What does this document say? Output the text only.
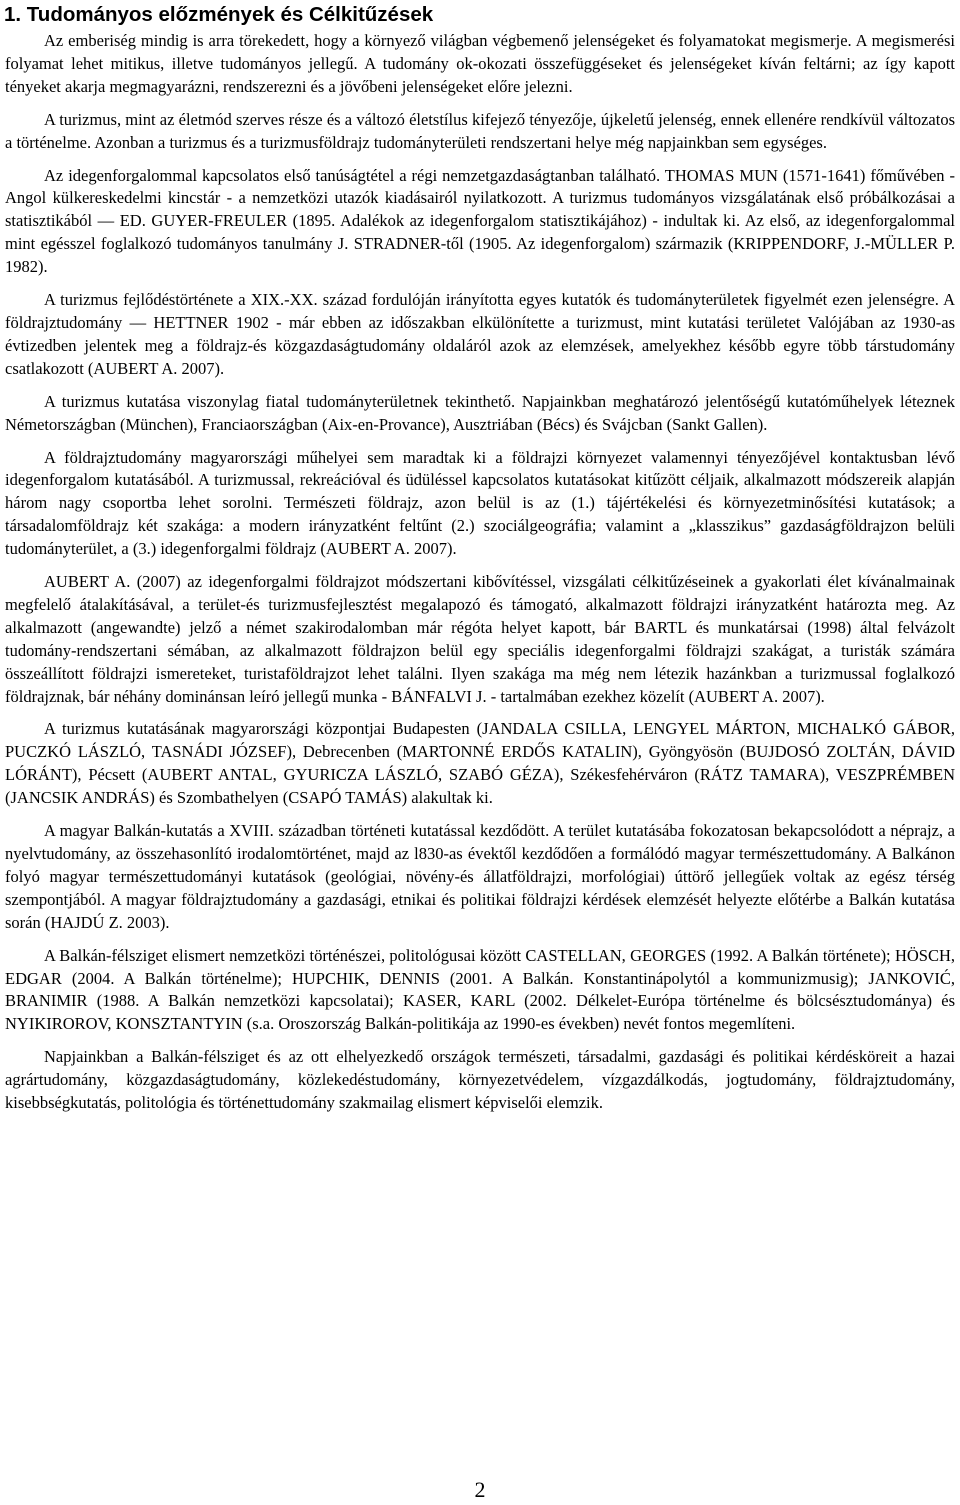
1. Tudományos előzmények és Célkitűzések

Az emberiség mindig is arra törekedett, hogy a környező világban végbemenő jelenségeket és folyamatokat megismerje. A megismerési folyamat lehet mitikus, illetve tudományos jellegű. A tudomány ok-okozati összefüggéseket és jelenségeket kíván feltárni; az így kapott tényeket akarja megmagyarázni, rendszerezni és a jövőbeni jelenségeket előre jelezni.

A turizmus, mint az életmód szerves része és a változó életstílus kifejező tényezője, újkeletű jelenség, ennek ellenére rendkívül változatos a történelme. Azonban a turizmus és a turizmusföldrajz tudományterületi rendszertani helye még napjainkban sem egységes.

Az idegenforgalommal kapcsolatos első tanúságtétel a régi nemzetgazdaságtanban található. THOMAS MUN (1571-1641) főművében - Angol külkereskedelmi kincstár - a nemzetközi utazók kiadásairól nyilatkozott. A turizmus tudományos vizsgálatának első próbálkozásai a statisztikából — ED. GUYER-FREULER (1895. Adalékok az idegenforgalom statisztikájához) - indultak ki. Az első, az idegenforgalommal mint egésszel foglalkozó tudományos tanulmány J. STRADNER-től (1905. Az idegenforgalom) származik (KRIPPENDORF, J.-MÜLLER P. 1982).

A turizmus fejlődéstörténete a XIX.-XX. század fordulóján irányította egyes kutatók és tudományterületek figyelmét ezen jelenségre. A földrajztudomány — HETTNER 1902 - már ebben az időszakban elkülönítette a turizmust, mint kutatási területet Valójában az 1930-as évtizedben jelentek meg a földrajz-és közgazdaságtudomány oldaláról azok az elemzések, amelyekhez később egyre több társtudomány csatlakozott (AUBERT A. 2007).

A turizmus kutatása viszonylag fiatal tudományterületnek tekinthető. Napjainkban meghatározó jelentőségű kutatóműhelyek léteznek Németországban (München), Franciaországban (Aix-en-Provance), Ausztriában (Bécs) és Svájcban (Sankt Gallen).

A földrajztudomány magyarországi műhelyei sem maradtak ki a földrajzi környezet valamennyi tényezőjével kontaktusban lévő idegenforgalom kutatásából. A turizmussal, rekreációval és üdüléssel kapcsolatos kutatásokat kitűzött céljaik, alkalmazott módszereik alapján három nagy csoportba lehet sorolni. Természeti földrajz, azon belül is az (1.) tájértékelési és környezetminősítési kutatások; a társadalomföldrajz két szakága: a modern irányzatként feltűnt (2.) szociálgeográfia; valamint a „klasszikus” gazdaságföldrajzon belüli tudományterület, a (3.) idegenforgalmi földrajz (AUBERT A. 2007).

AUBERT A. (2007) az idegenforgalmi földrajzot módszertani kibővítéssel, vizsgálati célkitűzéseinek a gyakorlati élet kívánalmainak megfelelő átalakításával, a terület-és turizmusfejlesztést megalapozó és támogató, alkalmazott földrajzi irányzatként határozta meg. Az alkalmazott (angewandte) jelző a német szakirodalomban már régóta helyet kapott, bár BARTL és munkatársai (1998) által felvázolt tudomány-rendszertani sémában, az alkalmazott földrajzon belül egy speciális idegenforgalmi földrajzi szakágat, a turisták számára összeállított földrajzi ismereteket, turistaföldrajzot lehet találni. Ilyen szakága ma még nem létezik hazánkban a turizmussal foglalkozó földrajznak, bár néhány dominánsan leíró jellegű munka - BÁNFALVI J. - tartalmában ezekhez közelít (AUBERT A. 2007).

A turizmus kutatásának magyarországi központjai Budapesten (JANDALA CSILLA, LENGYEL MÁRTON, MICHALKÓ GÁBOR, PUCZKÓ LÁSZLÓ, TASNÁDI JÓZSEF), Debrecenben (MARTONNÉ ERDŐS KATALIN), Gyöngyösön (BUJDOSÓ ZOLTÁN, DÁVID LÓRÁNT), Pécsett (AUBERT ANTAL, GYURICZA LÁSZLÓ, SZABÓ GÉZA), Székesfehérváron (RÁTZ TAMARA), VESZPRÉMBEN (JANCSIK ANDRÁS) és Szombathelyen (CSAPÓ TAMÁS) alakultak ki.

A magyar Balkán-kutatás a XVIII. században történeti kutatással kezdődött. A terület kutatásába fokozatosan bekapcsolódott a néprajz, a nyelvtudomány, az összehasonlító irodalomtörténet, majd az l830-as évektől kezdődően a formálódó magyar természettudomány. A Balkánon folyó magyar természettudományi kutatások (geológiai, növény-és állatföldrajzi, morfológiai) úttörő jellegűek voltak az egész térség szempontjából. A magyar földrajztudomány a gazdasági, etnikai és politikai földrajzi kérdések elemzését helyezte előtérbe a Balkán kutatása során (HAJDÚ Z. 2003).

A Balkán-félsziget elismert nemzetközi történészei, politológusai között CASTELLAN, GEORGES (1992. A Balkán története); HÖSCH, EDGAR (2004. A Balkán történelme); HUPCHIK, DENNIS (2001. A Balkán. Konstantinápolytól a kommunizmusig); JANKOVIĆ, BRANIMIR (1988. A Balkán nemzetközi kapcsolatai); KASER, KARL (2002. Délkelet-Európa történelme és bölcsésztudománya) és NYIKIROROV, KONSZTANTYIN (s.a. Oroszország Balkán-politikája az 1990-es években) nevét fontos megemlíteni.

Napjainkban a Balkán-félsziget és az ott elhelyezkedő országok természeti, társadalmi, gazdasági és politikai kérdésköreit a hazai agrártudomány, közgazdaságtudomány, közlekedéstudomány, környezetvédelem, vízgazdálkodás, jogtudomány, földrajztudomány, kisebbségkutatás, politológia és történettudomány szakmailag elismert képviselői elemzik.

2
